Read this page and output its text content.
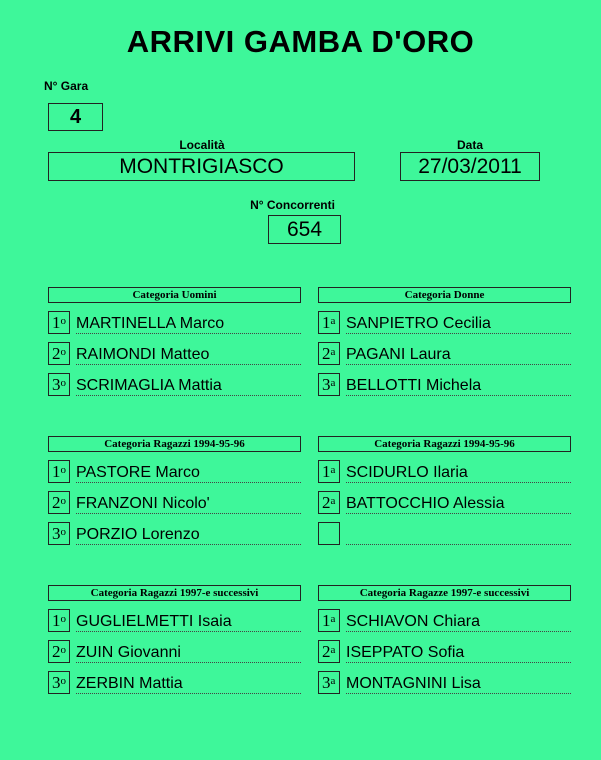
ARRIVI GAMBA D'ORO
N° Gara
4
Località
MONTRIGIASCO
Data
27/03/2011
N° Concorrenti
654
Categoria Uomini
1$^o$ MARTINELLA Marco
2$^o$ RAIMONDI Matteo
3$^o$ SCRIMAGLIA Mattia
Categoria Donne
1$^a$ SANPIETRO Cecilia
2$^a$ PAGANI Laura
3$^a$ BELLOTTI Michela
Categoria Ragazzi 1994-95-96
1$^o$ PASTORE Marco
2$^o$ FRANZONI Nicolo'
3$^o$ PORZIO Lorenzo
Categoria Ragazzi 1994-95-96
1$^a$ SCIDURLO Ilaria
2$^a$ BATTOCCHIO Alessia
Categoria Ragazzi 1997-e successivi
1$^o$ GUGLIELMETTI Isaia
2$^o$ ZUIN Giovanni
3$^o$ ZERBIN Mattia
Categoria Ragazze 1997-e successivi
1$^a$ SCHIAVON Chiara
2$^a$ ISEPPATO Sofia
3$^a$ MONTAGNINI Lisa
